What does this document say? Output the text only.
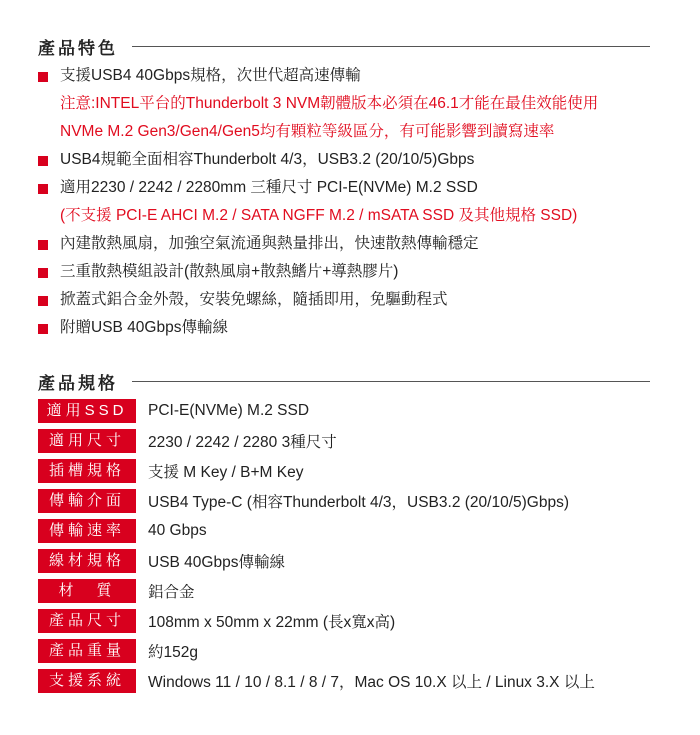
產品特色
支援USB4 40Gbps規格，次世代超高速傳輸
注意:INTEL平台的Thunderbolt 3 NVM韌體版本必須在46.1才能在最佳效能使用
NVMe M.2 Gen3/Gen4/Gen5均有顆粒等級區分，有可能影響到讀寫速率
USB4規範全面相容Thunderbolt 4/3，USB3.2 (20/10/5)Gbps
適用2230 / 2242 / 2280mm 三種尺寸 PCI-E(NVMe) M.2 SSD
(不支援 PCI-E AHCI M.2 / SATA NGFF M.2 / mSATA SSD 及其他規格 SSD)
內建散熱風扇，加強空氣流通與熱量排出，快速散熱傳輸穩定
三重散熱模組設計(散熱風扇+散熱鰭片+導熱膠片)
掀蓋式鋁合金外殼，安裝免螺絲，隨插即用，免驅動程式
附贈USB 40Gbps傳輸線
產品規格
適用SSD	PCI-E(NVMe) M.2 SSD
適用尺寸	2230 / 2242 / 2280 3種尺寸
插槽規格	支援 M Key / B+M Key
傳輸介面	USB4 Type-C (相容Thunderbolt 4/3，USB3.2 (20/10/5)Gbps)
傳輸速率	40 Gbps
線材規格	USB 40Gbps傳輸線
材　質	鋁合金
產品尺寸	108mm x 50mm x 22mm (長x寬x高)
產品重量	約152g
支援系統	Windows 11 / 10 / 8.1 / 8 / 7，Mac OS 10.X 以上 / Linux 3.X 以上
